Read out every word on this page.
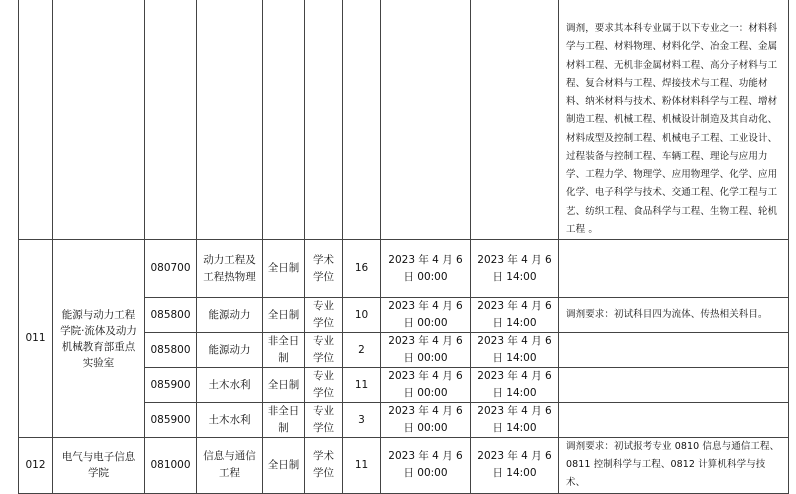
									调剂，要求其本科专业属于以下专业之一：材料科学与工程、材料物理、材料化学、冶金工程、金属材料工程、无机非金属材料工程、高分子材料与工程、复合材料与工程、焊接技术与工程、功能材料、纳米材料与技术、粉体材料科学与工程、增材制造工程、机械工程、机械设计制造及其自动化、材料成型及控制工程、机械电子工程、工业设计、过程装备与控制工程、车辆工程、理论与应用力学、工程力学、物理学、应用物理学、化学、应用化学、电子科学与技术、交通工程、化学工程与工艺、纺织工程、食品科学与工程、生物工程、轮机工程 。
011	能源与动力工程学院·流体及动力机械教育部重点实验室	080700	动力工程及工程热物理	全日制	学术学位	16	2023 年 4 月 6 日 00:00	2023 年 4 月 6 日 14:00	
		085800	能源动力	全日制	专业学位	10	2023 年 4 月 6 日 00:00	2023 年 4 月 6 日 14:00	调剂要求：初试科目四为流体、传热相关科目。
		085800	能源动力	非全日制	专业学位	2	2023 年 4 月 6 日 00:00	2023 年 4 月 6 日 14:00	
		085900	土木水利	全日制	专业学位	11	2023 年 4 月 6 日 00:00	2023 年 4 月 6 日 14:00	
		085900	土木水利	非全日制	专业学位	3	2023 年 4 月 6 日 00:00	2023 年 4 月 6 日 14:00	
012	电气与电子信息学院	081000	信息与通信工程	全日制	学术学位	11	2023 年 4 月 6 日 00:00	2023 年 4 月 6 日 14:00	调剂要求：初试报考专业 0810 信息与通信工程、0811 控制科学与工程、0812 计算机科学与技术、
